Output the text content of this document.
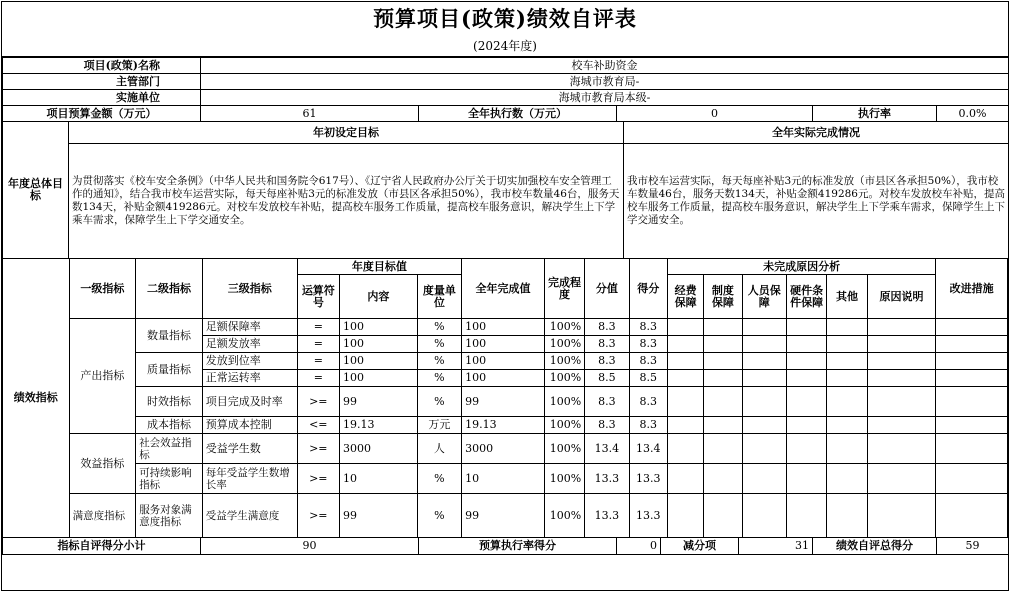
预算项目(政策)绩效自评表
(2024年度)
项目(政策)名称	校车补助资金				
主管部门	海城市教育局-				
实施单位	海城市教育局本级-				
项目预算金额（万元）	61	全年执行数（万元）	0	执行率	0.0%
年度总体目标	年初设定目标	全年实际完成情况
	为贯彻落实《校车安全条例》（中华人民共和国务院令617号）、《辽宁省人民政府办公厅关于切实加强校车安全管理工作的通知》，结合我市校车运营实际，每天每座补贴3元的标准发放（市县区各承担50%），我市校车数量46台，服务天数134天，补贴金额419286元。对校车发放校车补贴，提高校车服务工作质量，提高校车服务意识，解决学生上下学乘车需求，保障学生上下学交通安全。	我市校车运营实际，每天每座补贴3元的标准发放（市县区各承担50%），我市校车数量46台，服务天数134天，补贴金额419286元。对校车发放校车补贴，提高校车服务工作质量，提高校车服务意识，解决学生上下学乘车需求，保障学生上下学交通安全。
绩效指标	一级指标	二级指标	三级指标	年度目标值			全年完成值	完成程度	分值	得分	未完成原因分析						改进措施
				运算符号	内容	度量单位					经费保障	制度保障	人员保障	硬件条件保障	其他	原因说明	
	产出指标	数量指标	足额保障率	=	100	%	100	100%	8.3	8.3							
			足额发放率	=	100	%	100	100%	8.3	8.3							
		质量指标	发放到位率	=	100	%	100	100%	8.3	8.3							
			正常运转率	=	100	%	100	100%	8.5	8.5							
		时效指标	项目完成及时率	>=	99	%	99	100%	8.3	8.3							
		成本指标	预算成本控制	<=	19.13	万元	19.13	100%	8.3	8.3							
	效益指标	社会效益指标	受益学生数	>=	3000	人	3000	100%	13.4	13.4							
		可持续影响指标	每年受益学生数增长率	>=	10	%	10	100%	13.3	13.3							
	满意度指标	服务对象满意度指标	受益学生满意度	>=	99	%	99	100%	13.3	13.3							
指标自评得分小计	90	预算执行率得分	0	减分项	31	绩效自评总得分	59
